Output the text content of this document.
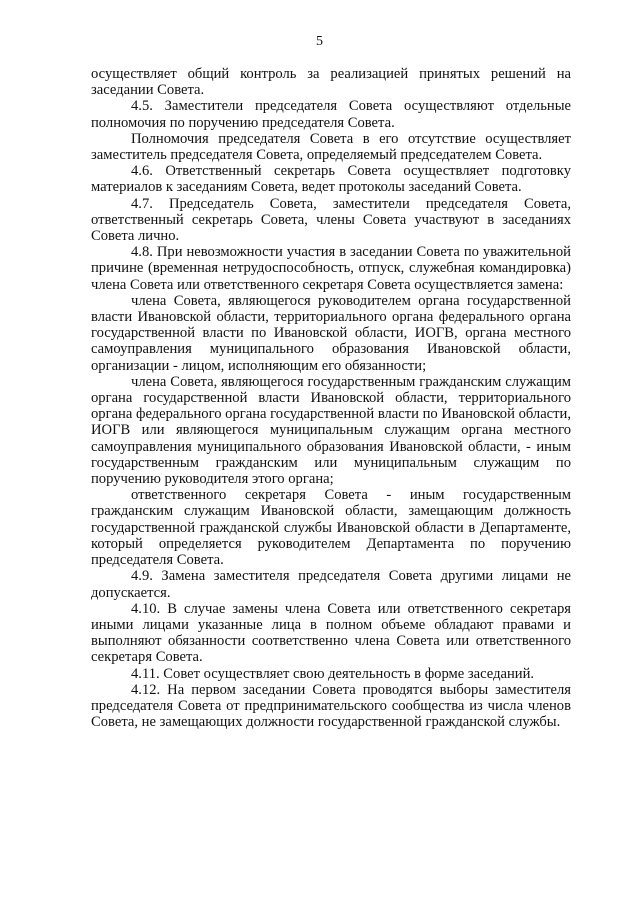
5

осуществляет общий контроль за реализацией принятых решений на заседании Совета.

4.5. Заместители председателя Совета осуществляют отдельные полномочия по поручению председателя Совета.

Полномочия председателя Совета в его отсутствие осуществляет заместитель председателя Совета, определяемый председателем Совета.

4.6. Ответственный секретарь Совета осуществляет подготовку материалов к заседаниям Совета, ведет протоколы заседаний Совета.

4.7. Председатель Совета, заместители председателя Совета, ответственный секретарь Совета, члены Совета участвуют в заседаниях Совета лично.

4.8. При невозможности участия в заседании Совета по уважительной причине (временная нетрудоспособность, отпуск, служебная командировка) члена Совета или ответственного секретаря Совета осуществляется замена:

члена Совета, являющегося руководителем органа государственной власти Ивановской области, территориального органа федерального органа государственной власти по Ивановской области, ИОГВ, органа местного самоуправления муниципального образования Ивановской области, организации - лицом, исполняющим его обязанности;

члена Совета, являющегося государственным гражданским служащим органа государственной власти Ивановской области, территориального органа федерального органа государственной власти по Ивановской области, ИОГВ или являющегося муниципальным служащим органа местного самоуправления муниципального образования Ивановской области, - иным государственным гражданским или муниципальным служащим по поручению руководителя этого органа;

ответственного секретаря Совета - иным государственным гражданским служащим Ивановской области, замещающим должность государственной гражданской службы Ивановской области в Департаменте, который определяется руководителем Департамента по поручению председателя Совета.

4.9. Замена заместителя председателя Совета другими лицами не допускается.

4.10. В случае замены члена Совета или ответственного секретаря иными лицами указанные лица в полном объеме обладают правами и выполняют обязанности соответственно члена Совета или ответственного секретаря Совета.

4.11. Совет осуществляет свою деятельность в форме заседаний.

4.12. На первом заседании Совета проводятся выборы заместителя председателя Совета от предпринимательского сообщества из числа членов Совета, не замещающих должности государственной гражданской службы.
